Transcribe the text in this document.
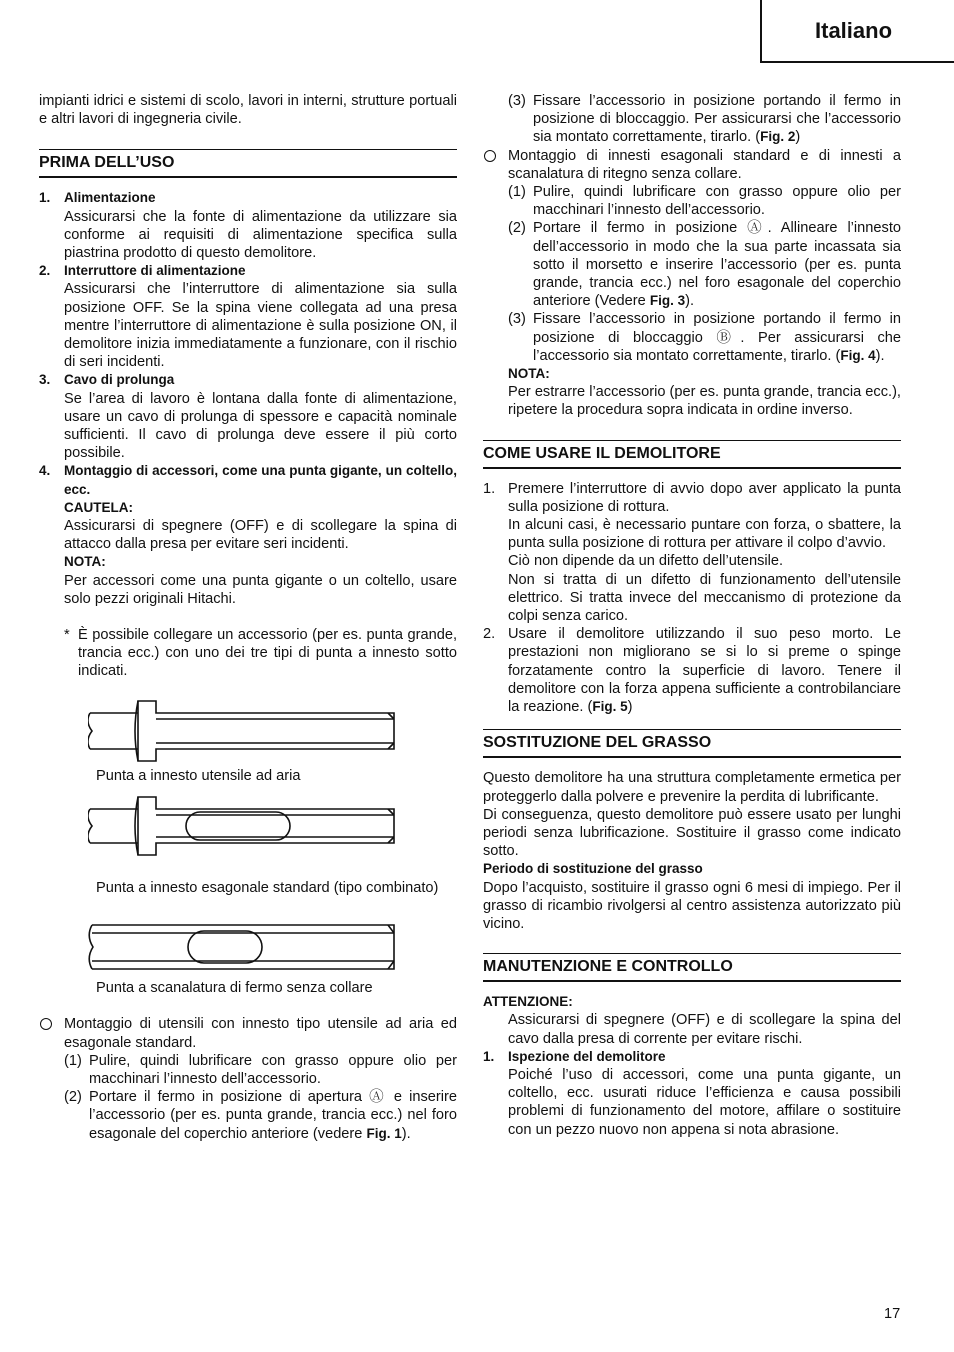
Italiano

impianti idrici e sistemi di scolo, lavori in interni, strutture portuali e altri lavori di ingegneria civile.

PRIMA DELL’USO
1. Alimentazione

Assicurarsi che la fonte di alimentazione da utilizzare sia conforme ai requisiti di alimentazione specifica sulla piastrina prodotto di questo demolitore.

2. Interruttore di alimentazione

Assicurarsi che l’interruttore di alimentazione sia sulla posizione OFF. Se la spina viene collegata ad una presa mentre l’interruttore di alimentazione è sulla posizione ON, il demolitore inizia immediatamente a funzionare, con il rischio di seri incidenti.

3. Cavo di prolunga

Se l’area di lavoro è lontana dalla fonte di alimentazione, usare un cavo di prolunga di spessore e capacità nominale sufficienti. Il cavo di prolunga deve essere il più corto possibile.

4. Montaggio di accessori, come una punta gigante, un coltello, ecc.
CAUTELA:

Assicurarsi di spegnere (OFF) e di scollegare la spina di attacco dalla presa per evitare seri incidenti.

NOTA:

Per accessori come una punta gigante o un coltello, usare solo pezzi originali Hitachi.

* È possibile collegare un accessorio (per es. punta grande, trancia ecc.) con uno dei tre tipi di punta a innesto sotto indicati.

Punta a innesto utensile ad aria

Punta a innesto esagonale standard (tipo combinato)

Punta a scanalatura di fermo senza collare

Montaggio di utensili con innesto tipo utensile ad aria ed esagonale standard.

(1) Pulire, quindi lubrificare con grasso oppure olio per macchinari l’innesto dell’accessorio.

(2) Portare il fermo in posizione di apertura Ⓐ e inserire l’accessorio (per es. punta grande, trancia ecc.) nel foro esagonale del coperchio anteriore (vedere Fig. 1).

(3) Fissare l’accessorio in posizione portando il fermo in posizione di bloccaggio. Per assicurarsi che l’accessorio sia montato correttamente, tirarlo. (Fig. 2)

Montaggio di innesti esagonali standard e di innesti a scanalatura di ritegno senza collare.

(1) Pulire, quindi lubrificare con grasso oppure olio per macchinari l’innesto dell’accessorio.

(2) Portare il fermo in posizione Ⓐ. Allineare l’innesto dell’accessorio in modo che la sua parte incassata sia sotto il morsetto e inserire l’accessorio (per es. punta grande, trancia ecc.) nel foro esagonale del coperchio anteriore (Vedere Fig. 3).

(3) Fissare l’accessorio in posizione portando il fermo in posizione di bloccaggio Ⓑ. Per assicurarsi che l’accessorio sia montato correttamente, tirarlo. (Fig. 4).

NOTA:

Per estrarre l’accessorio (per es. punta grande, trancia ecc.), ripetere la procedura sopra indicata in ordine inverso.

COME USARE IL DEMOLITORE
1. Premere l’interruttore di avvio dopo aver applicato la punta sulla posizione di rottura.

In alcuni casi, è necessario puntare con forza, o sbattere, la punta sulla posizione di rottura per attivare il colpo d’avvio.

Ciò non dipende da un difetto dell’utensile.

Non si tratta di un difetto di funzionamento dell’utensile elettrico. Si tratta invece del meccanismo di protezione da colpi senza carico.

2. Usare il demolitore utilizzando il suo peso morto. Le prestazioni non migliorano se si lo si preme o spinge forzatamente contro la superficie di lavoro. Tenere il demolitore con la forza appena sufficiente a controbilanciare la reazione. (Fig. 5)

SOSTITUZIONE DEL GRASSO

Questo demolitore ha una struttura completamente ermetica per proteggerlo dalla polvere e prevenire la perdita di lubrificante.

Di conseguenza, questo demolitore può essere usato per lunghi periodi senza lubrificazione. Sostituire il grasso come indicato sotto.

Periodo di sostituzione del grasso

Dopo l’acquisto, sostituire il grasso ogni 6 mesi di impiego. Per il grasso di ricambio rivolgersi al centro assistenza autorizzato più vicino.

MANUTENZIONE E CONTROLLO
ATTENZIONE:

Assicurarsi di spegnere (OFF) e di scollegare la spina del cavo dalla presa di corrente per evitare rischi.

1. Ispezione del demolitore

Poiché l’uso di accessori, come una punta gigante, un coltello, ecc. usurati riduce l’efficienza e causa possibili problemi di funzionamento del motore, affilare o sostituire con un pezzo nuovo non appena si nota abrasione.

17
